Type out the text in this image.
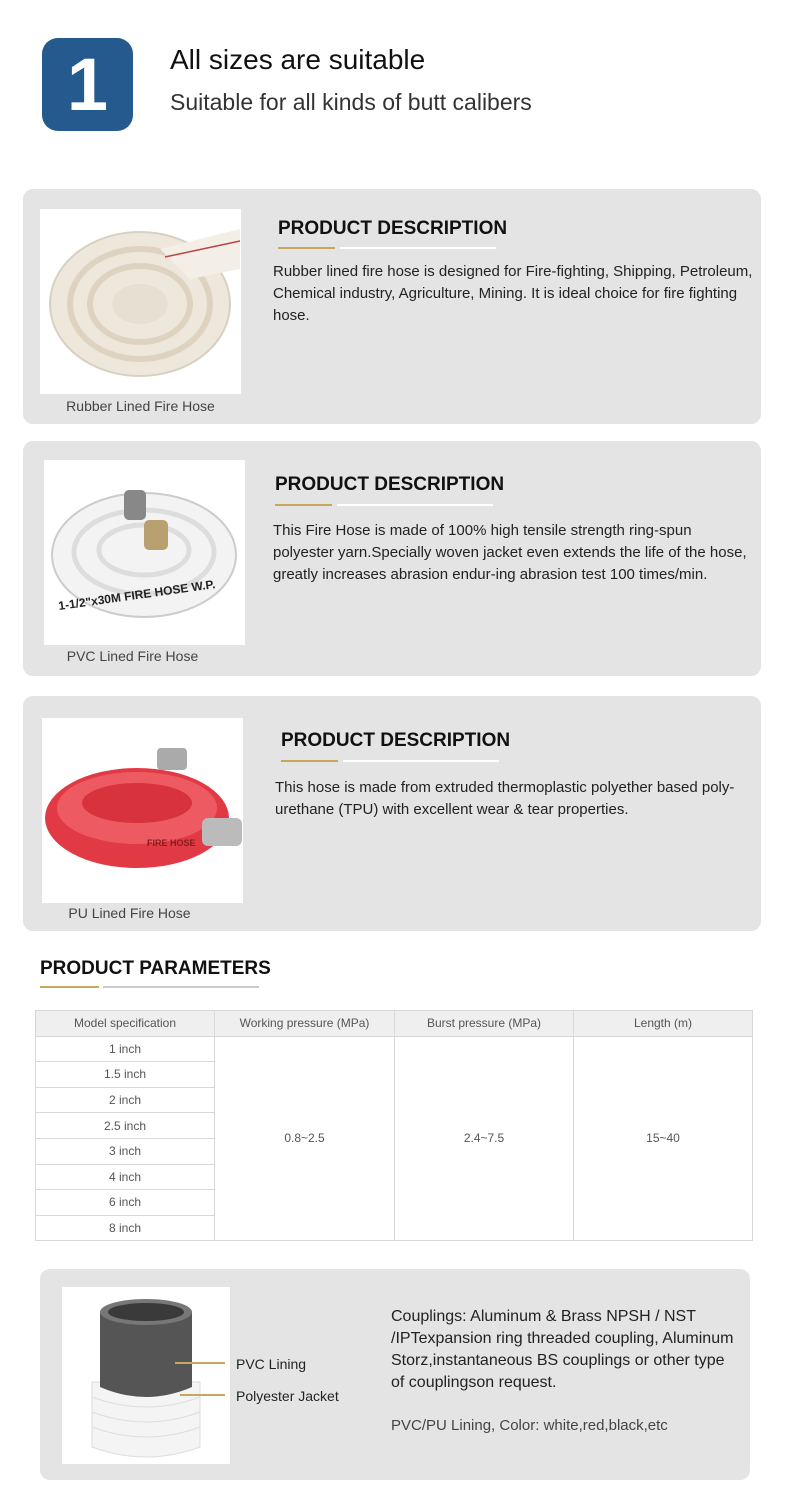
1	All sizes are suitable
Suitable for all kinds of butt calibers
Rubber Lined Fire Hose
PRODUCT DESCRIPTION
Rubber lined fire hose is designed for Fire-fighting, Shipping, Petroleum, Chemical industry, Agriculture, Mining. It is ideal choice for fire fighting hose.
1-1/2"x30M FIRE HOSE W.P.
PVC Lined Fire Hose
PRODUCT DESCRIPTION
This Fire Hose is made of 100% high tensile strength ring-spun polyester yarn.Specially woven jacket even extends the life of the hose, greatly increases abrasion endur-ing abrasion test 100 times/min.
FIRE HOSE
PU Lined Fire Hose
PRODUCT DESCRIPTION
This hose is made from extruded thermoplastic polyether based poly-urethane (TPU) with excellent wear & tear properties.
PRODUCT PARAMETERS
Model specification	Working pressure (MPa)	Burst pressure (MPa)	Length (m)
1 inch	0.8~2.5	2.4~7.5	15~40
1.5 inch			
2 inch			
2.5 inch			
3 inch			
4 inch			
6 inch			
8 inch			
PVC Lining
Polyester Jacket
Couplings: Aluminum & Brass NPSH / NST /IPTexpansion ring threaded coupling, Aluminum Storz,instantaneous BS couplings or other type of couplingson request.
PVC/PU Lining, Color: white,red,black,etc
